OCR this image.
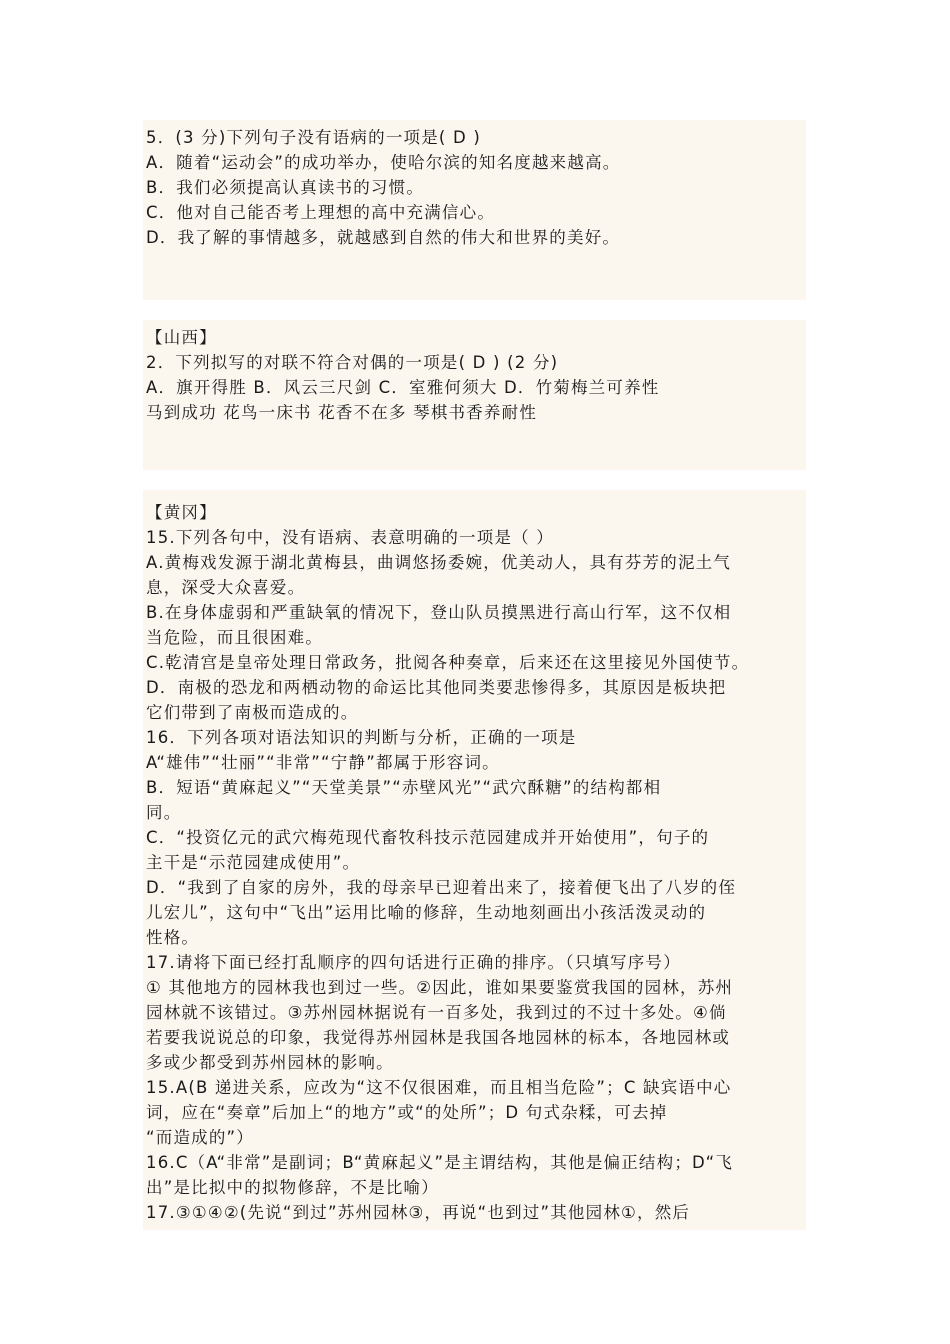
5．(3 分)下列句子没有语病的一项是( D )
A．随着“运动会”的成功举办，使哈尔滨的知名度越来越高。
B．我们必须提高认真读书的习惯。
C．他对自己能否考上理想的高中充满信心。
D．我了解的事情越多，就越感到自然的伟大和世界的美好。
【山西】
2．下列拟写的对联不符合对偶的一项是( D ) (2 分)
A．旗开得胜 B．风云三尺剑 C．室雅何须大 D．竹菊梅兰可养性
马到成功 花鸟一床书 花香不在多 琴棋书香养耐性
【黄冈】
15.下列各句中，没有语病、表意明确的一项是（ ）
A.黄梅戏发源于湖北黄梅县，曲调悠扬委婉，优美动人，具有芬芳的泥土气
息，深受大众喜爱。
B.在身体虚弱和严重缺氧的情况下，登山队员摸黑进行高山行军，这不仅相
当危险，而且很困难。
C.乾清宫是皇帝处理日常政务，批阅各种奏章，后来还在这里接见外国使节。
D．南极的恐龙和两栖动物的命运比其他同类要悲惨得多，其原因是板块把
它们带到了南极而造成的。
16．下列各项对语法知识的判断与分析，正确的一项是
A“雄伟”“壮丽”“非常”“宁静”都属于形容词。
B．短语“黄麻起义”“天堂美景”“赤壁风光”“武穴酥糖”的结构都相
同。
C．“投资亿元的武穴梅苑现代畜牧科技示范园建成并开始使用”，句子的
主干是“示范园建成使用”。
D．“我到了自家的房外，我的母亲早已迎着出来了，接着便飞出了八岁的侄
儿宏儿”，这句中“飞出”运用比喻的修辞，生动地刻画出小孩活泼灵动的
性格。
17.请将下面已经打乱顺序的四句话进行正确的排序。（只填写序号）
① 其他地方的园林我也到过一些。②因此，谁如果要鉴赏我国的园林，苏州
园林就不该错过。③苏州园林据说有一百多处，我到过的不过十多处。④倘
若要我说说总的印象，我觉得苏州园林是我国各地园林的标本，各地园林或
多或少都受到苏州园林的影响。
15.A(B 递进关系，应改为“这不仅很困难，而且相当危险”；C 缺宾语中心
词，应在“奏章”后加上“的地方”或“的处所”；D 句式杂糅，可去掉
“而造成的”）
16.C（A“非常”是副词；B“黄麻起义”是主谓结构，其他是偏正结构；D“飞
出”是比拟中的拟物修辞，不是比喻）
17.③①④②(先说“到过”苏州园林③，再说“也到过”其他园林①，然后
